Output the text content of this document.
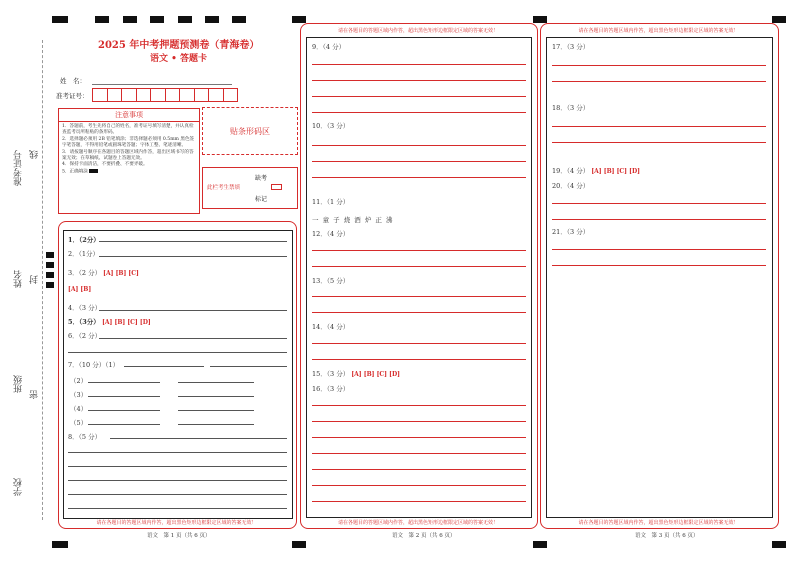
准考证号 线
姓名 封
班级
密
学校
2025 年中考押题预测卷（青海卷）
语文 • 答题卡
姓　名：
准考证号：
注意事项
1．答题前，考生先将自己的姓名，准考证号填写清楚，并认真检查监考员所粘贴的条形码。
2．选择题必须用 2B 铅笔填涂；非选择题必须用 0.5mm 黑色签字笔答题，不得用铅笔或圆珠笔答题；字体工整、笔迹清晰。
3．请按题号顺序在各题目的答题区域内作答，超出区域书写的答案无效；在草稿纸、试题卷上答题无效。
4．保持卡面清洁，不要折叠、不要弄破。
5．正确填涂
贴条形码区
缺考
此栏考生禁填
标记
1．（2分）
2．（1分）
3．（2 分） [A] [B] [C]
[A] [B]
4．（3 分）
5．（3分） [A] [B] [C] [D]
6．（2 分）
7．（10 分）（1）
（2）
（3）
（4）
（5）
8．（5 分）
请在各题目的答题区域内作答，超出黑色矩形边框限定区域的答案无效！
请在各题目的答题区域内作答，超出黑色矩形边框限定区域的答案无效！
9．（4 分）
10．（3 分）
11．（1 分）
一 童 子 烧 酒 炉 正 沸
12．（4 分）
13．（5 分）
14．（4 分）
15．（3 分） [A] [B] [C] [D]
16．（3 分）
请在各题目的答题区域内作答，超出黑色矩形边框限定区域的答案无效！
请在各题目的答题区域内作答，超出黑色矩形边框限定区域的答案无效！
17．（3 分）
18．（3 分）
19．（4 分） [A] [B] [C] [D]
20．（4 分）
21．（3 分）
请在各题目的答题区域内作答，超出黑色矩形边框限定区域的答案无效！
语文　第 1 页（共 6 页）	语文　第 2 页（共 6 页）	语文　第 3 页（共 6 页）
